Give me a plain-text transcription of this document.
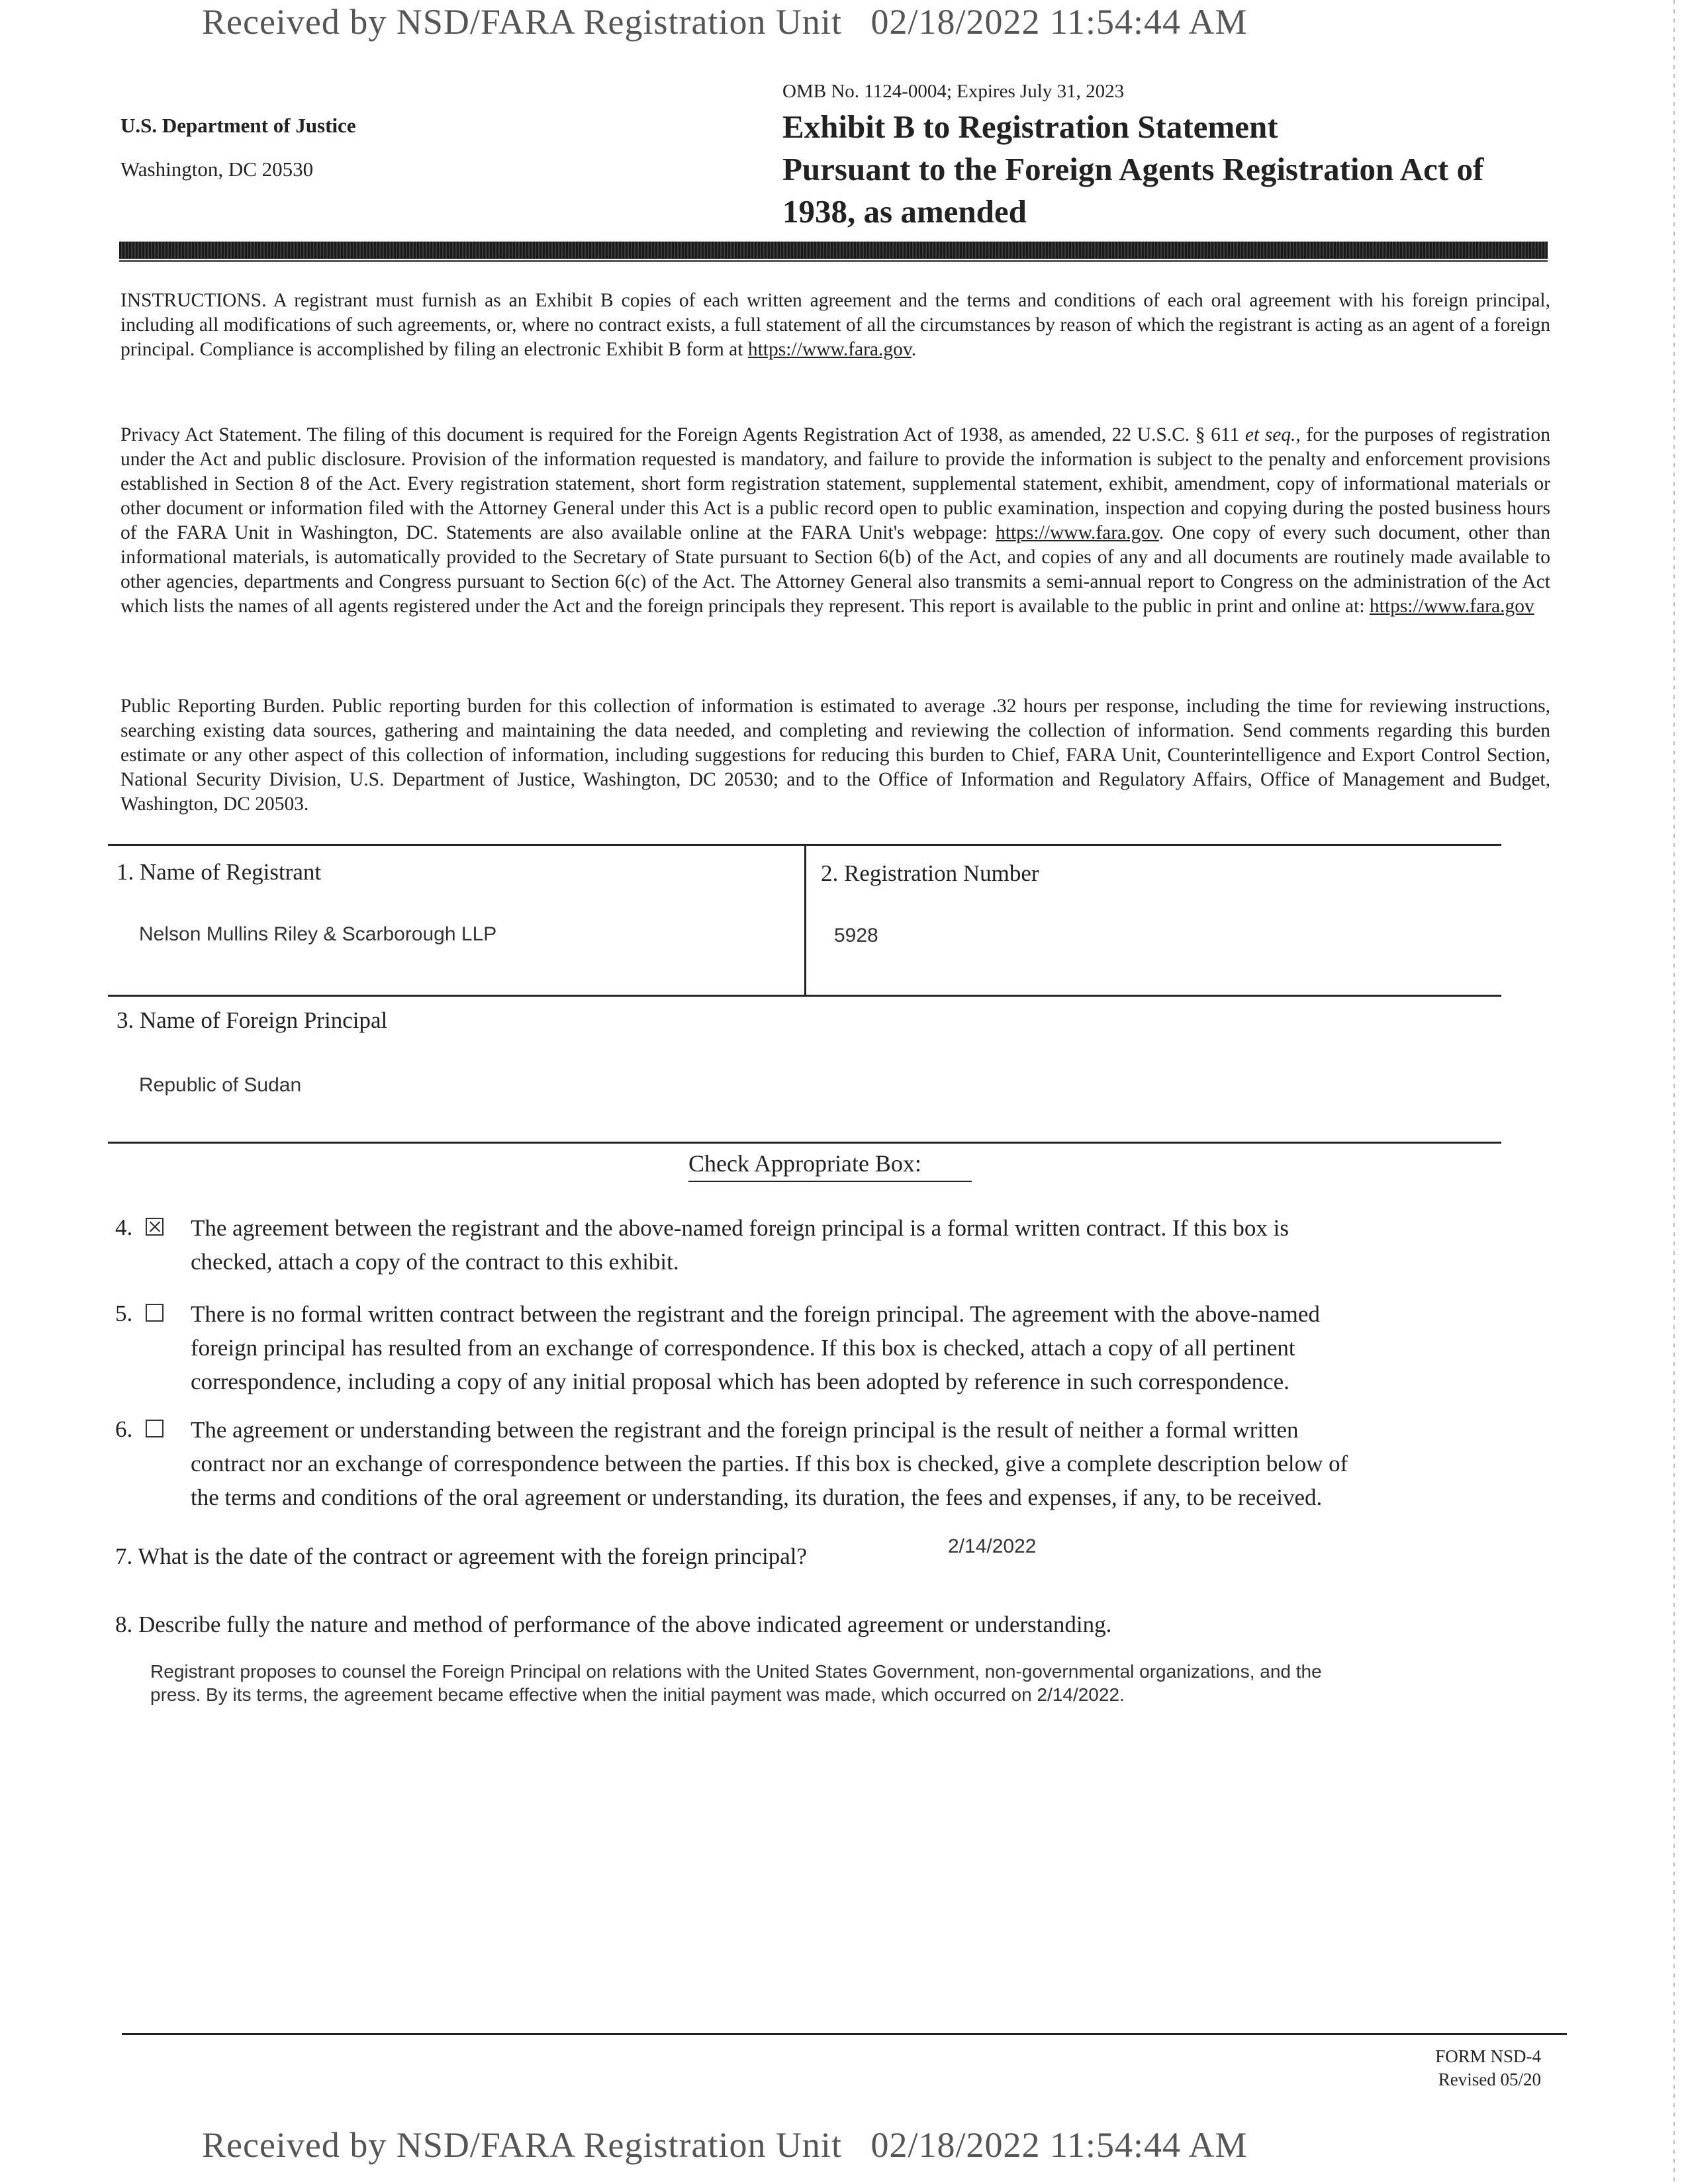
Received by NSD/FARA Registration Unit 02/18/2022 11:54:44 AM
U.S. Department of Justice
Washington, DC 20530
OMB No. 1124-0004; Expires July 31, 2023
Exhibit B to Registration Statement
Pursuant to the Foreign Agents Registration Act of
1938, as amended
INSTRUCTIONS. A registrant must furnish as an Exhibit B copies of each written agreement and the terms and conditions of each oral agreement with his foreign principal, including all modifications of such agreements, or, where no contract exists, a full statement of all the circumstances by reason of which the registrant is acting as an agent of a foreign principal. Compliance is accomplished by filing an electronic Exhibit B form at https://www.fara.gov.
Privacy Act Statement. The filing of this document is required for the Foreign Agents Registration Act of 1938, as amended, 22 U.S.C. § 611 et seq., for the purposes of registration under the Act and public disclosure. Provision of the information requested is mandatory, and failure to provide the information is subject to the penalty and enforcement provisions established in Section 8 of the Act. Every registration statement, short form registration statement, supplemental statement, exhibit, amendment, copy of informational materials or other document or information filed with the Attorney General under this Act is a public record open to public examination, inspection and copying during the posted business hours of the FARA Unit in Washington, DC. Statements are also available online at the FARA Unit's webpage: https://www.fara.gov. One copy of every such document, other than informational materials, is automatically provided to the Secretary of State pursuant to Section 6(b) of the Act, and copies of any and all documents are routinely made available to other agencies, departments and Congress pursuant to Section 6(c) of the Act. The Attorney General also transmits a semi-annual report to Congress on the administration of the Act which lists the names of all agents registered under the Act and the foreign principals they represent. This report is available to the public in print and online at: https://www.fara.gov
Public Reporting Burden. Public reporting burden for this collection of information is estimated to average .32 hours per response, including the time for reviewing instructions, searching existing data sources, gathering and maintaining the data needed, and completing and reviewing the collection of information. Send comments regarding this burden estimate or any other aspect of this collection of information, including suggestions for reducing this burden to Chief, FARA Unit, Counterintelligence and Export Control Section, National Security Division, U.S. Department of Justice, Washington, DC 20530; and to the Office of Information and Regulatory Affairs, Office of Management and Budget, Washington, DC 20503.
1. Name of Registrant
Nelson Mullins Riley & Scarborough LLP
2. Registration Number
5928
3. Name of Foreign Principal
Republic of Sudan
Check Appropriate Box:
4.	The agreement between the registrant and the above-named foreign principal is a formal written contract. If this box is
checked, attach a copy of the contract to this exhibit.
5.	There is no formal written contract between the registrant and the foreign principal. The agreement with the above-named
foreign principal has resulted from an exchange of correspondence. If this box is checked, attach a copy of all pertinent
correspondence, including a copy of any initial proposal which has been adopted by reference in such correspondence.
6.	The agreement or understanding between the registrant and the foreign principal is the result of neither a formal written
contract nor an exchange of correspondence between the parties. If this box is checked, give a complete description below of
the terms and conditions of the oral agreement or understanding, its duration, the fees and expenses, if any, to be received.
7. What is the date of the contract or agreement with the foreign principal?	2/14/2022
8. Describe fully the nature and method of performance of the above indicated agreement or understanding.
Registrant proposes to counsel the Foreign Principal on relations with the United States Government, non-governmental organizations, and the
press. By its terms, the agreement became effective when the initial payment was made, which occurred on 2/14/2022.
FORM NSD-4
Revised 05/20
Received by NSD/FARA Registration Unit 02/18/2022 11:54:44 AM
